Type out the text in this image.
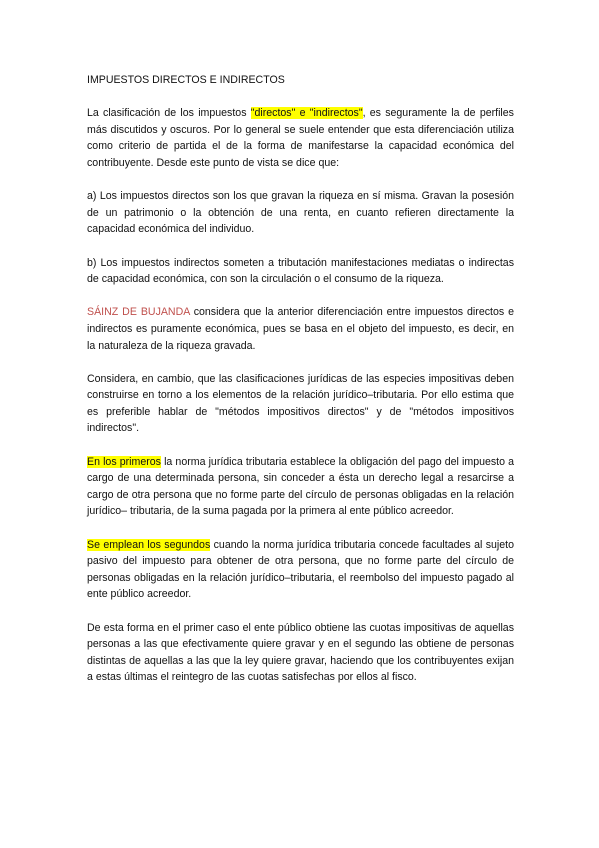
IMPUESTOS DIRECTOS E INDIRECTOS

La clasificación de los impuestos "directos" e "indirectos", es seguramente la de perfiles más discutidos y oscuros. Por lo general se suele entender que esta diferenciación utiliza como criterio de partida el de la forma de manifestarse la capacidad económica del contribuyente. Desde este punto de vista se dice que:

a) Los impuestos directos son los que gravan la riqueza en sí misma. Gravan la posesión de un patrimonio o la obtención de una renta, en cuanto refieren directamente la capacidad económica del individuo.

b) Los impuestos indirectos someten a tributación manifestaciones mediatas o indirectas de capacidad económica, con son la circulación o el consumo de la riqueza.

SÁINZ DE BUJANDA considera que la anterior diferenciación entre impuestos directos e indirectos es puramente económica, pues se basa en el objeto del impuesto, es decir, en la naturaleza de la riqueza gravada.

Considera, en cambio, que las clasificaciones jurídicas de las especies impositivas deben construirse en torno a los elementos de la relación jurídico–tributaria. Por ello estima que es preferible hablar de "métodos impositivos directos" y de "métodos impositivos indirectos".

En los primeros la norma jurídica tributaria establece la obligación del pago del impuesto a cargo de una determinada persona, sin conceder a ésta un derecho legal a resarcirse a cargo de otra persona que no forme parte del círculo de personas obligadas en la relación jurídico– tributaria, de la suma pagada por la primera al ente público acreedor.

Se emplean los segundos cuando la norma jurídica tributaria concede facultades al sujeto pasivo del impuesto para obtener de otra persona, que no forme parte del círculo de personas obligadas en la relación jurídico–tributaria, el reembolso del impuesto pagado al ente público acreedor.

De esta forma en el primer caso el ente público obtiene las cuotas impositivas de aquellas personas a las que efectivamente quiere gravar y en el segundo las obtiene de personas distintas de aquellas a las que la ley quiere gravar, haciendo que los contribuyentes exijan a estas últimas el reintegro de las cuotas satisfechas por ellos al fisco.
